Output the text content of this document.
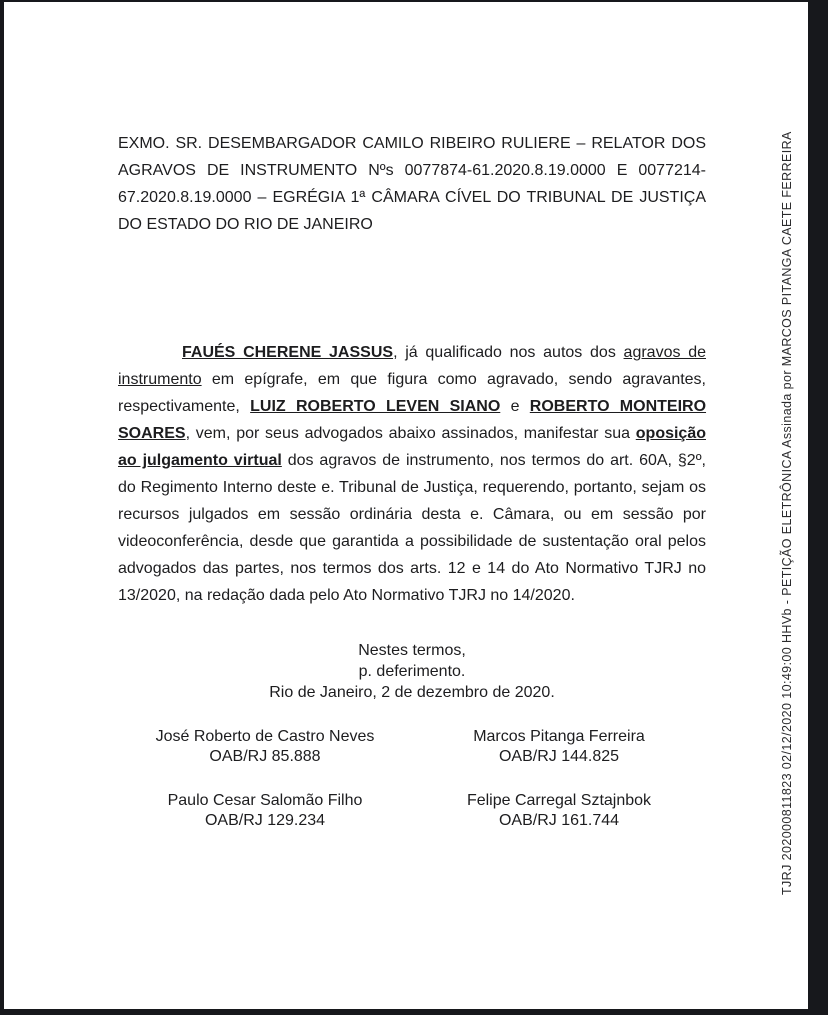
EXMO. SR. DESEMBARGADOR CAMILO RIBEIRO RULIERE – RELATOR DOS AGRAVOS DE INSTRUMENTO Nºs 0077874-61.2020.8.19.0000 E 0077214-67.2020.8.19.0000 – EGRÉGIA 1ª CÂMARA CÍVEL DO TRIBUNAL DE JUSTIÇA DO ESTADO DO RIO DE JANEIRO

FAUÉS CHERENE JASSUS, já qualificado nos autos dos agravos de instrumento em epígrafe, em que figura como agravado, sendo agravantes, respectivamente, LUIZ ROBERTO LEVEN SIANO e ROBERTO MONTEIRO SOARES, vem, por seus advogados abaixo assinados, manifestar sua oposição ao julgamento virtual dos agravos de instrumento, nos termos do art. 60A, §2º, do Regimento Interno deste e. Tribunal de Justiça, requerendo, portanto, sejam os recursos julgados em sessão ordinária desta e. Câmara, ou em sessão por videoconferência, desde que garantida a possibilidade de sustentação oral pelos advogados das partes, nos termos dos arts. 12 e 14 do Ato Normativo TJRJ no 13/2020, na redação dada pelo Ato Normativo TJRJ no 14/2020.

Nestes termos,
p. deferimento.
Rio de Janeiro, 2 de dezembro de 2020.
José Roberto de Castro Neves
OAB/RJ 85.888
Marcos Pitanga Ferreira
OAB/RJ 144.825
Paulo Cesar Salomão Filho
OAB/RJ 129.234
Felipe Carregal Sztajnbok
OAB/RJ 161.744	TJRJ 202000811823 02/12/2020 10:49:00 HHVb - PETIÇÃO ELETRÔNICA Assinada por MARCOS PITANGA CAETE FERREIRA
